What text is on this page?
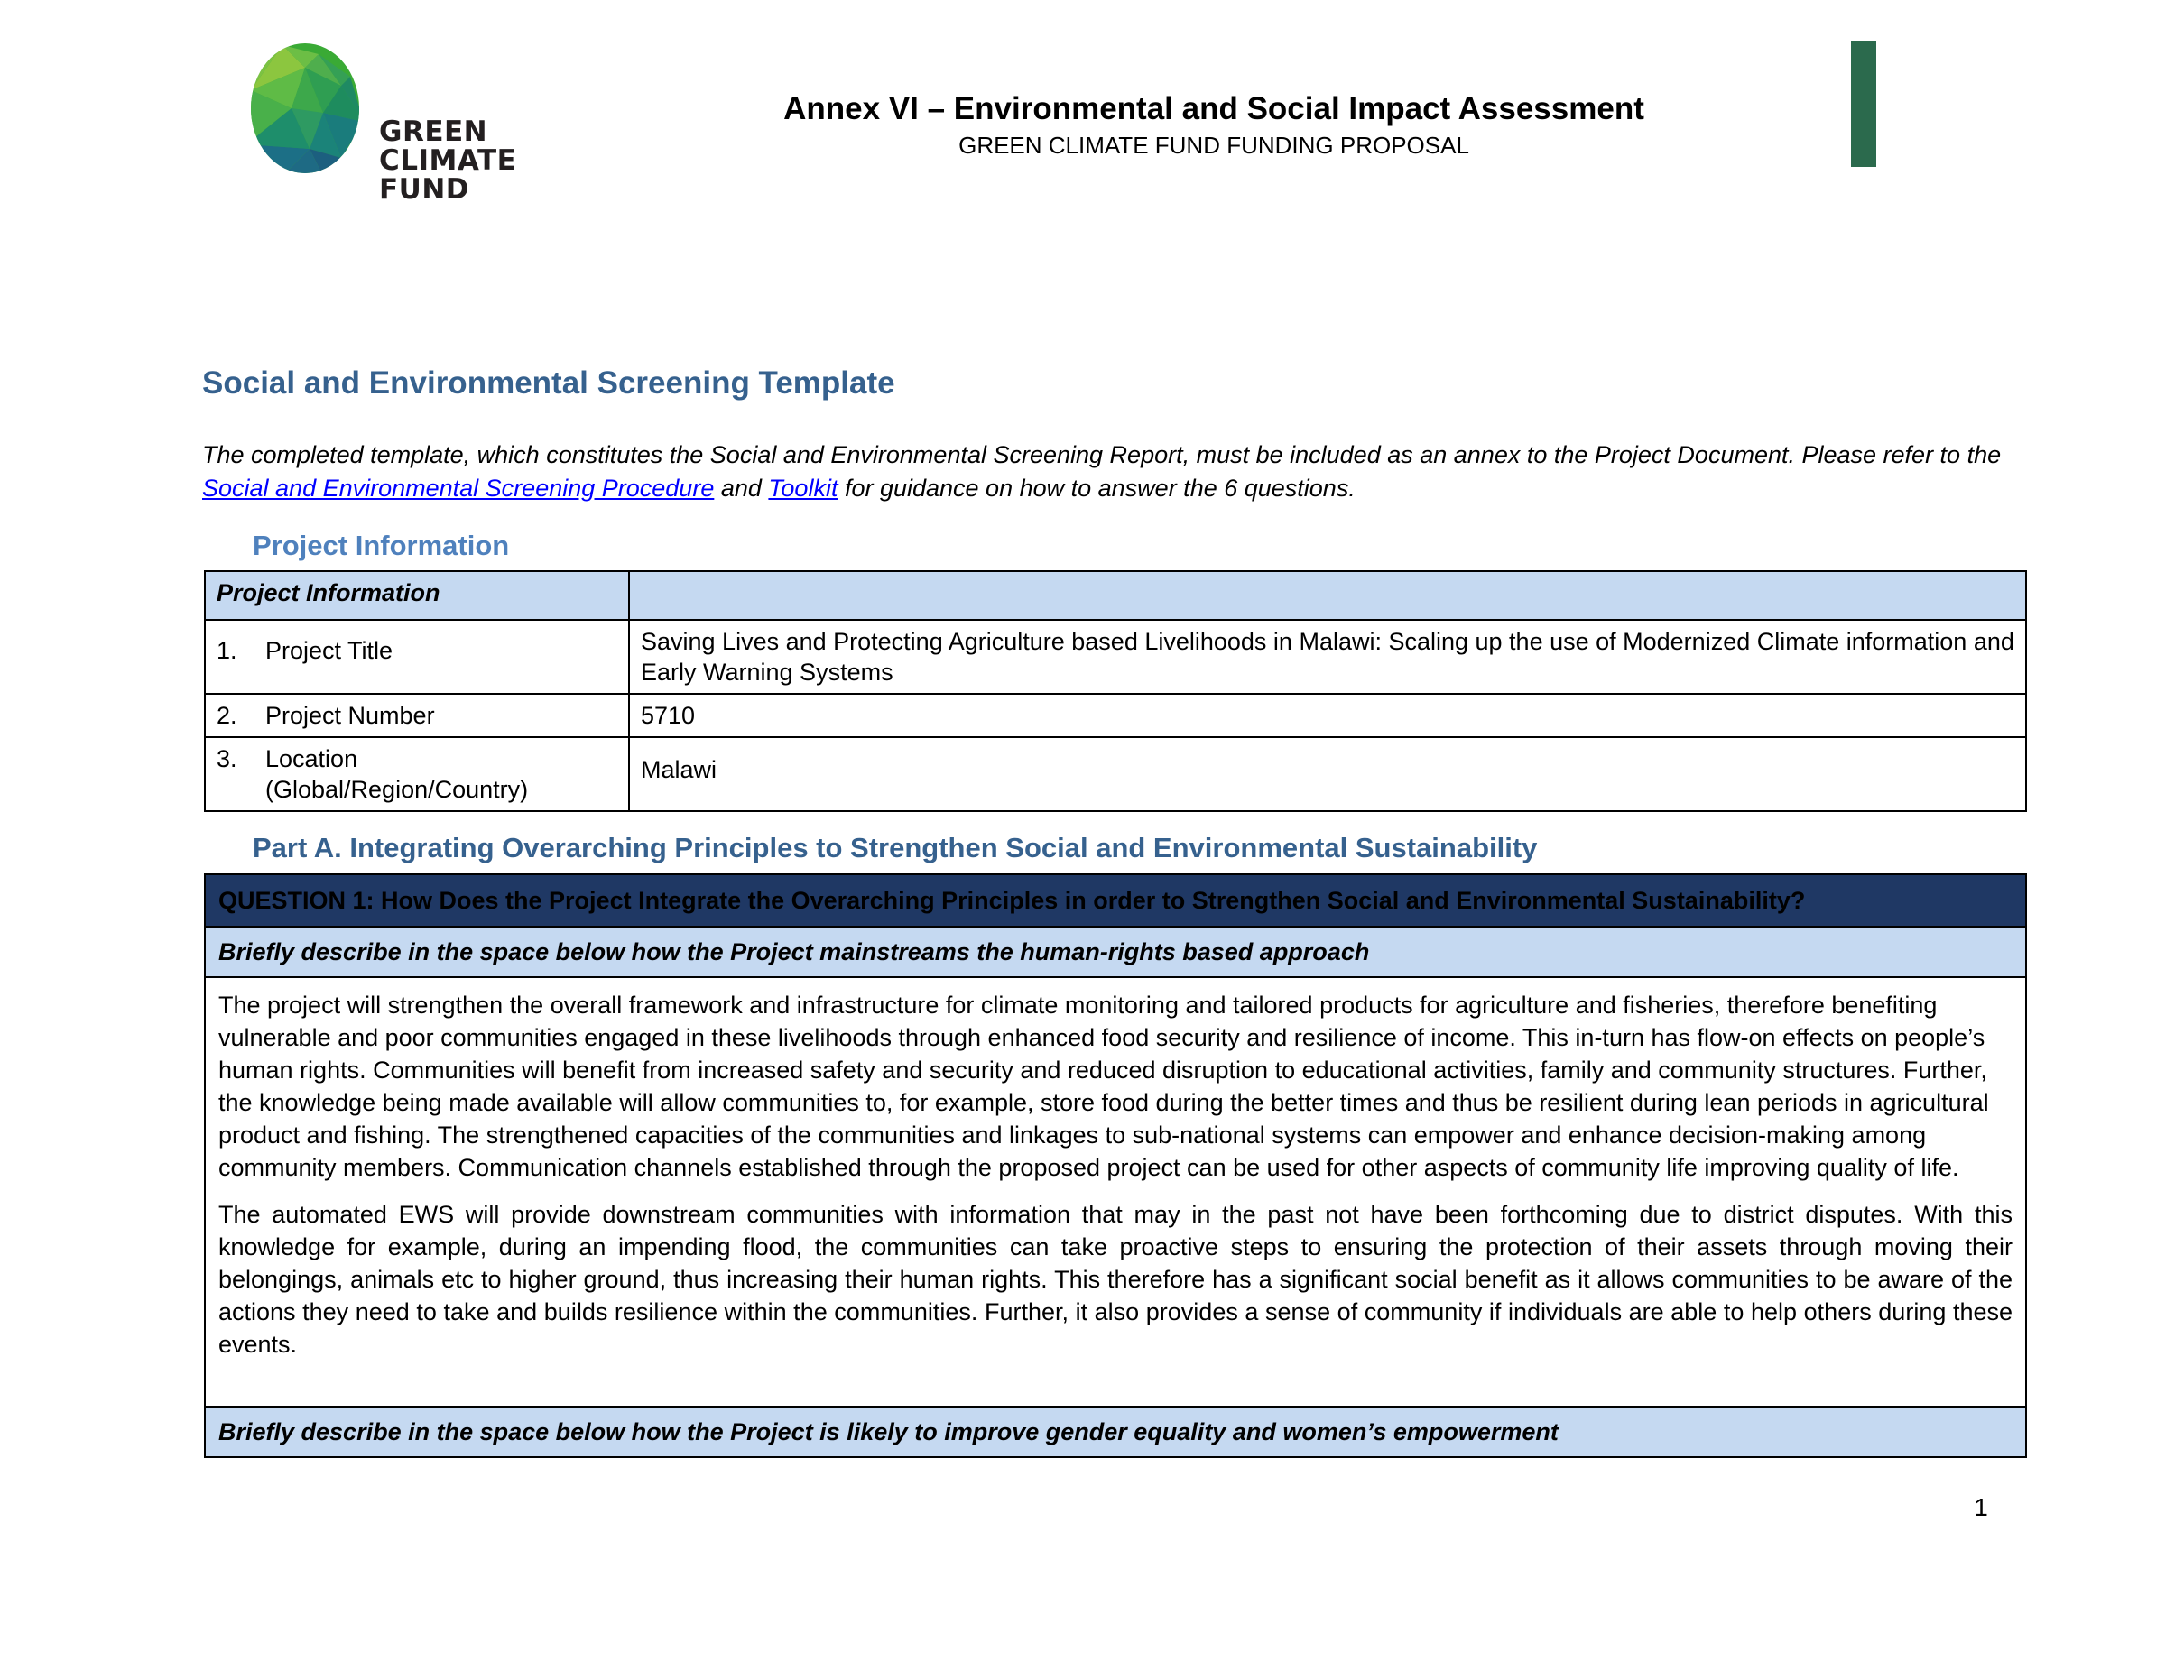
GREEN
CLIMATE
FUND
Annex VI – Environmental and Social Impact Assessment
GREEN CLIMATE FUND FUNDING PROPOSAL
Social and Environmental Screening Template
The completed template, which constitutes the Social and Environmental Screening Report, must be included as an annex to the Project Document. Please refer to the Social and Environmental Screening Procedure and Toolkit for guidance on how to answer the 6 questions.
Project Information
Project Information	

1. Project Title	Saving Lives and Protecting Agriculture based Livelihoods in Malawi: Scaling up the use of Modernized Climate information and Early Warning Systems

2. Project Number	5710

3. Location
(Global/Region/Country)	Malawi
Part A. Integrating Overarching Principles to Strengthen Social and Environmental Sustainability
QUESTION 1: How Does the Project Integrate the Overarching Principles in order to Strengthen Social and Environmental Sustainability?
Briefly describe in the space below how the Project mainstreams the human-rights based approach

The project will strengthen the overall framework and infrastructure for climate monitoring and tailored products for agriculture and fisheries, therefore benefiting vulnerable and poor communities engaged in these livelihoods through enhanced food security and resilience of income. This in-turn has flow-on effects on people’s human rights. Communities will benefit from increased safety and security and reduced disruption to educational activities, family and community structures. Further, the knowledge being made available will allow communities to, for example, store food during the better times and thus be resilient during lean periods in agricultural product and fishing. The strengthened capacities of the communities and linkages to sub-national systems can empower and enhance decision-making among community members. Communication channels established through the proposed project can be used for other aspects of community life improving quality of life.

The automated EWS will provide downstream communities with information that may in the past not have been forthcoming due to district disputes. With this knowledge for example, during an impending flood, the communities can take proactive steps to ensuring the protection of their assets through moving their belongings, animals etc to higher ground, thus increasing their human rights. This therefore has a significant social benefit as it allows communities to be aware of the actions they need to take and builds resilience within the communities. Further, it also provides a sense of community if individuals are able to help others during these events.

Briefly describe in the space below how the Project is likely to improve gender equality and women’s empowerment
1
